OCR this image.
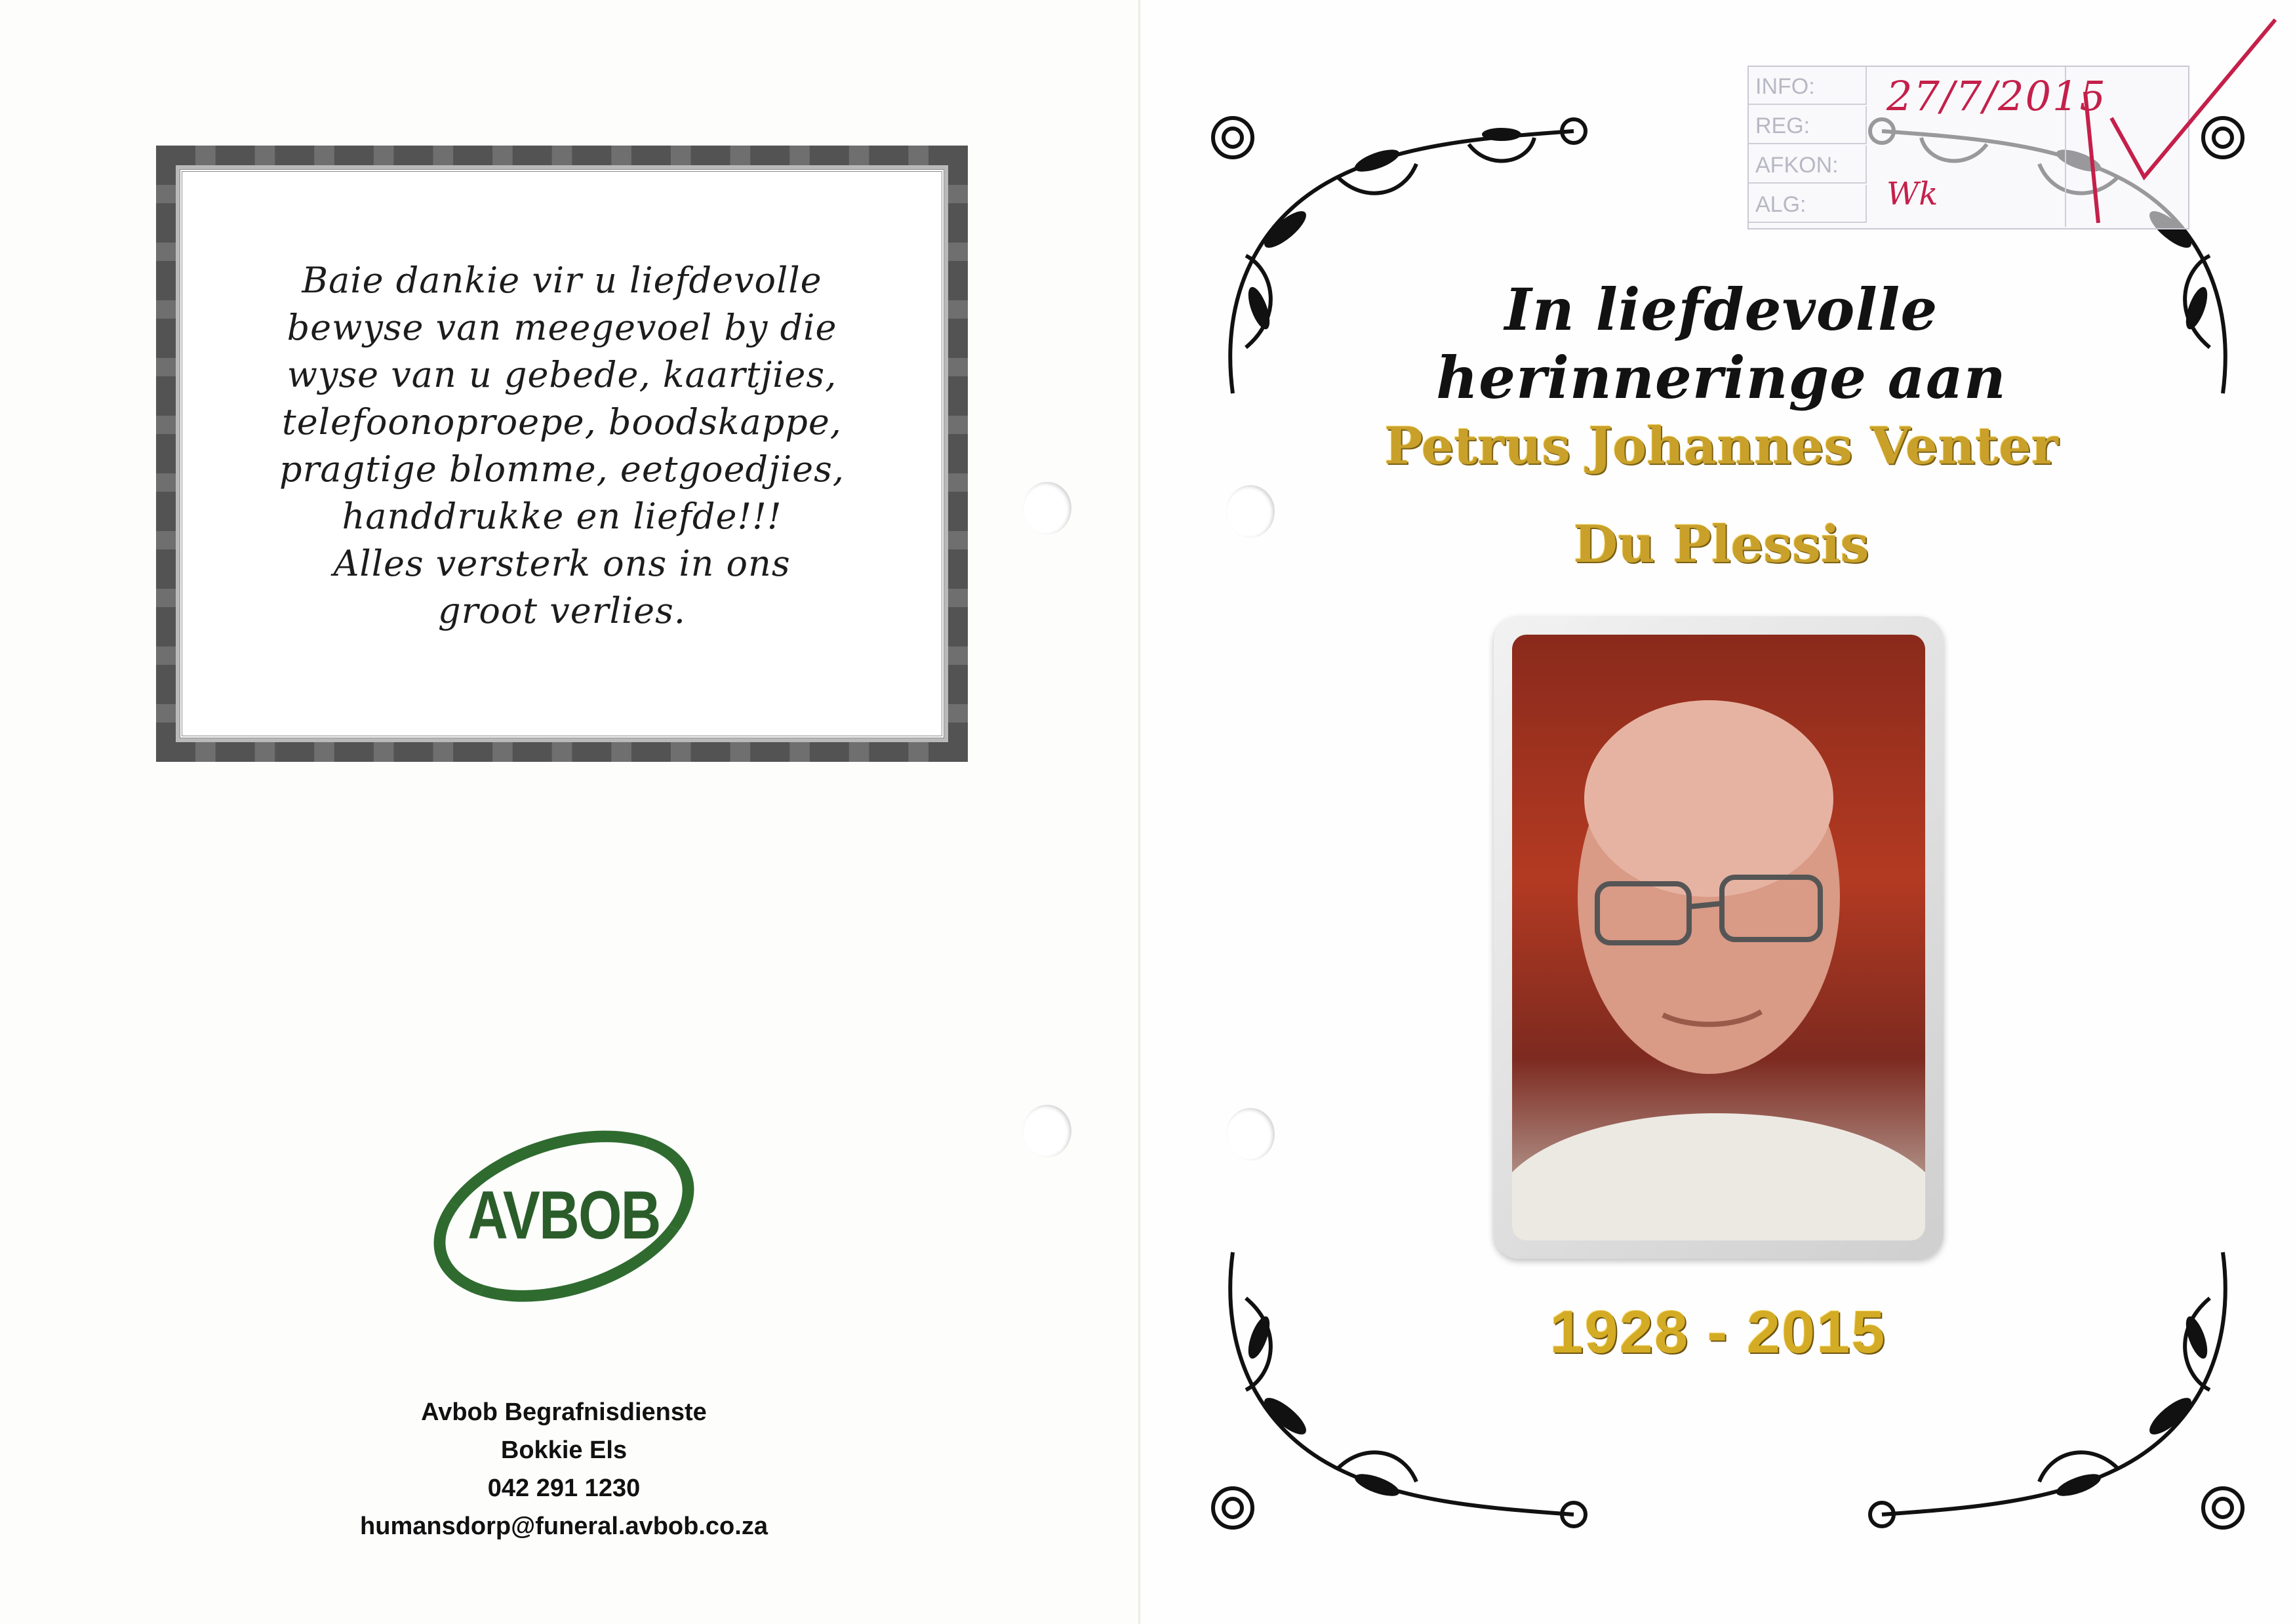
Baie dankie vir u liefdevolle
bewyse van meegevoel by die
wyse van u gebede, kaartjies,
telefoonoproepe, boodskappe,
pragtige blomme, eetgoedjies,
handdrukke en liefde!!!
Alles versterk ons in ons
groot verlies.
AVBOB
Avbob Begrafnisdienste
Bokkie Els
042 291 1230
humansdorp@funeral.avbob.co.za
INFO:
REG:
AFKON:
ALG:
27/7/2015
Wk
In liefdevolle herinneringe aan
Petrus Johannes Venter
Du Plessis
1928 - 2015
